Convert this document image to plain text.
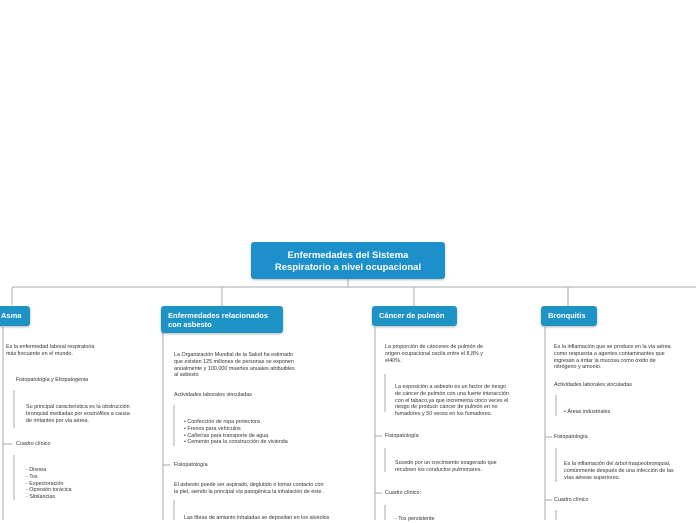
Enfermedades del Sistema
Respiratorio a nivel ocupacional
Asma
Es la enfermedad laboral respiratoria
más frecuente en el mundo.
Fisiopatología y Etiopatogenia
Su principal característica es la obstrucción
bronquial mediadas por eosinófilos a causa
de irritantes por vía aérea.
Cuadro clínico
- Disnea
- Tos
- Expectoración
- Opresión torácica
- Sibilancias
Enfermedades relacionados
con asbesto
La Organización Mundial de la Salud ha estimado
que existen 125 millones de personas se exponen
anualmente y 100.000 muertes anuales atribuibles
al asbesto
Actividades laborales vinculadas
• Confección de ropa protectora
• Frenos para vehículos
• Cañerías para transporte de agua
• Cemento para la construcción de vivienda
Fisiopatología
El asbesto puede ser aspirado, deglutido o tomar contacto con
la piel, siendo la principal vía patogénica la inhalación de éste.
Las fibras de amianto inhaladas se depositan en los alvéolos
Cáncer de pulmón
La proporción de cánceres de pulmón de
origen ocupacional oscila entre el 8,8% y
el40%.
La exposición a asbesto es un factor de riesgo
de cáncer de pulmón con una fuerte interacción
con el tabaco,ya que incrementa cinco veces el
riesgo de producir cáncer de pulmón en no
fumadores y 50 veces en los fumadores.
Fisiopatología
Sucede por un crecimiento exagerado que
recubren los conductos pulmonares.
Cuadro clínico:
- Tos persistente
Bronquitis
Es la inflamación que se produce en la vía aérea
como respuesta a agentes contaminantes que
ingresan a irritar la mucosa como óxido de
nitrógeno y amonio.
Actividades laborales vinculadas
• Áreas industriales
Fisiopatología
Es la inflamación del árbol traqueobronquial,
comúnmente después de una infección de las
vías aéreas superiores.
Cuadro clínico
